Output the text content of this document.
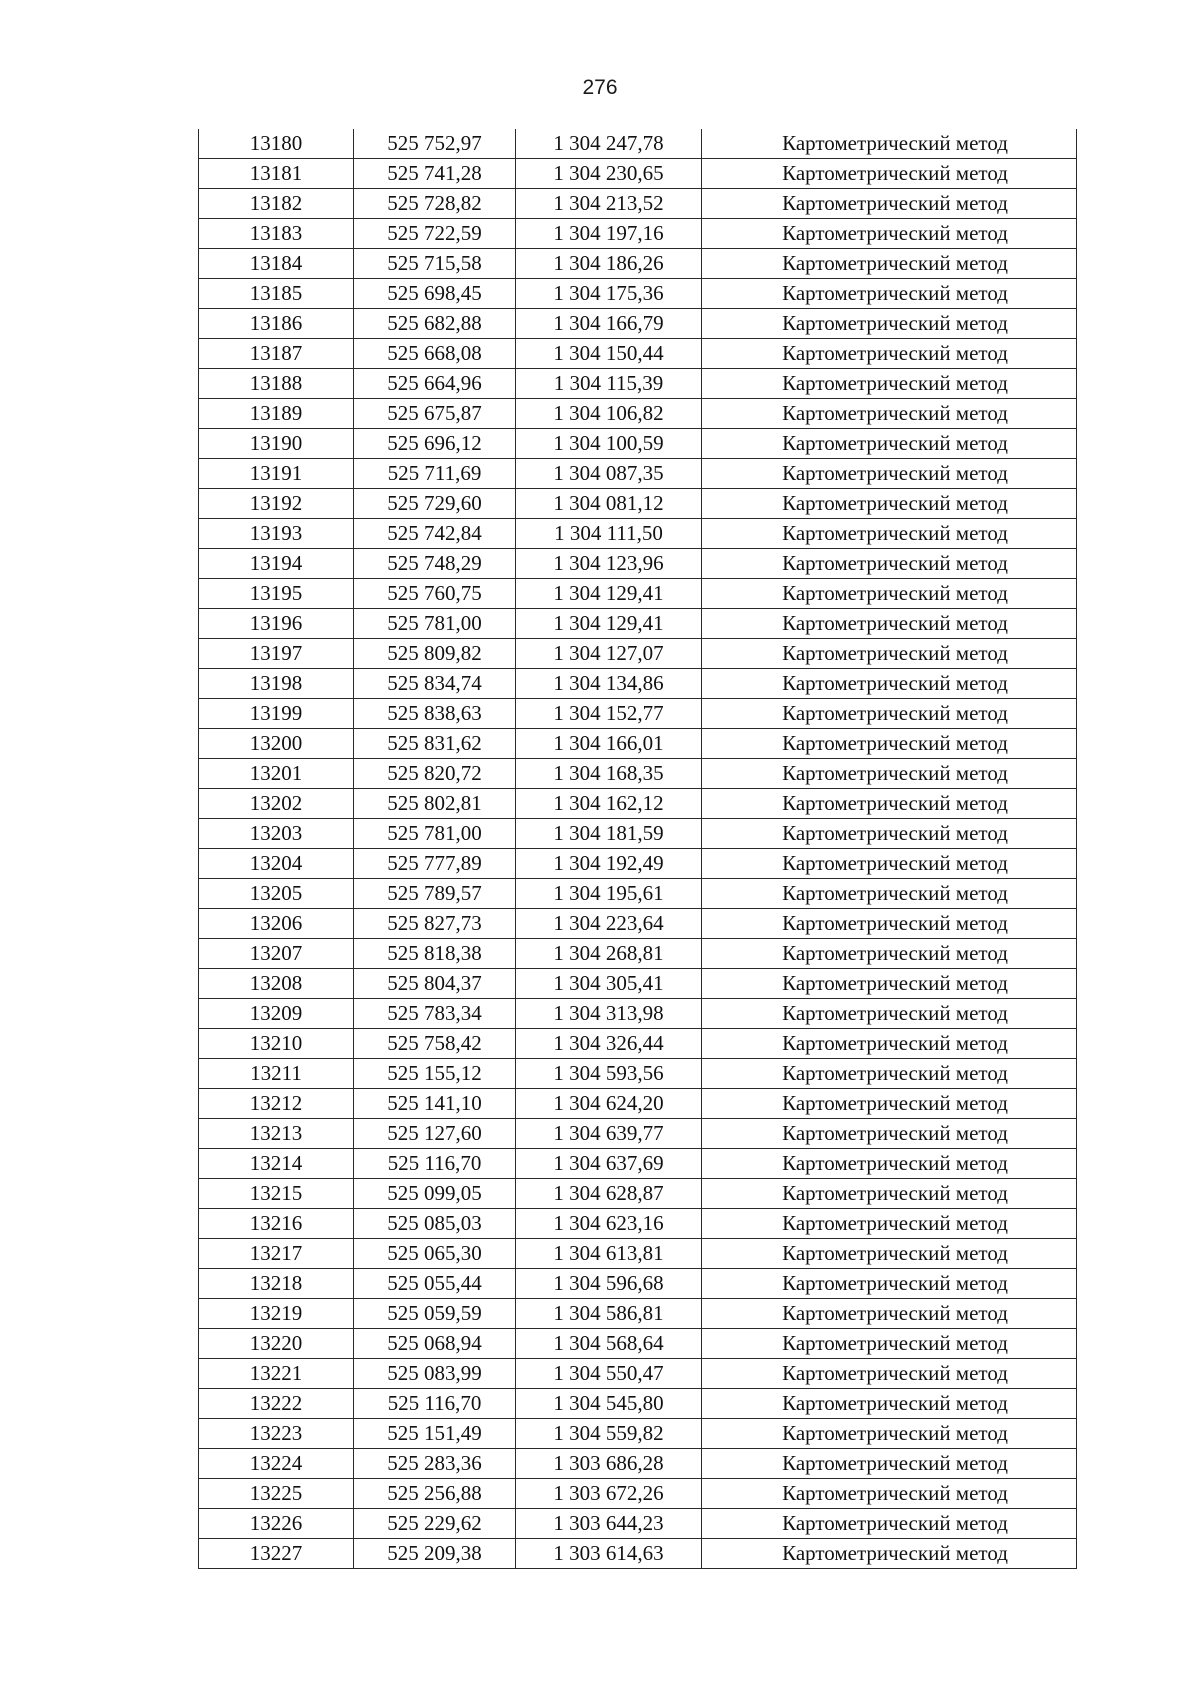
276
13180	525 752,97	1 304 247,78	Картометрический метод
13181	525 741,28	1 304 230,65	Картометрический метод
13182	525 728,82	1 304 213,52	Картометрический метод
13183	525 722,59	1 304 197,16	Картометрический метод
13184	525 715,58	1 304 186,26	Картометрический метод
13185	525 698,45	1 304 175,36	Картометрический метод
13186	525 682,88	1 304 166,79	Картометрический метод
13187	525 668,08	1 304 150,44	Картометрический метод
13188	525 664,96	1 304 115,39	Картометрический метод
13189	525 675,87	1 304 106,82	Картометрический метод
13190	525 696,12	1 304 100,59	Картометрический метод
13191	525 711,69	1 304 087,35	Картометрический метод
13192	525 729,60	1 304 081,12	Картометрический метод
13193	525 742,84	1 304 111,50	Картометрический метод
13194	525 748,29	1 304 123,96	Картометрический метод
13195	525 760,75	1 304 129,41	Картометрический метод
13196	525 781,00	1 304 129,41	Картометрический метод
13197	525 809,82	1 304 127,07	Картометрический метод
13198	525 834,74	1 304 134,86	Картометрический метод
13199	525 838,63	1 304 152,77	Картометрический метод
13200	525 831,62	1 304 166,01	Картометрический метод
13201	525 820,72	1 304 168,35	Картометрический метод
13202	525 802,81	1 304 162,12	Картометрический метод
13203	525 781,00	1 304 181,59	Картометрический метод
13204	525 777,89	1 304 192,49	Картометрический метод
13205	525 789,57	1 304 195,61	Картометрический метод
13206	525 827,73	1 304 223,64	Картометрический метод
13207	525 818,38	1 304 268,81	Картометрический метод
13208	525 804,37	1 304 305,41	Картометрический метод
13209	525 783,34	1 304 313,98	Картометрический метод
13210	525 758,42	1 304 326,44	Картометрический метод
13211	525 155,12	1 304 593,56	Картометрический метод
13212	525 141,10	1 304 624,20	Картометрический метод
13213	525 127,60	1 304 639,77	Картометрический метод
13214	525 116,70	1 304 637,69	Картометрический метод
13215	525 099,05	1 304 628,87	Картометрический метод
13216	525 085,03	1 304 623,16	Картометрический метод
13217	525 065,30	1 304 613,81	Картометрический метод
13218	525 055,44	1 304 596,68	Картометрический метод
13219	525 059,59	1 304 586,81	Картометрический метод
13220	525 068,94	1 304 568,64	Картометрический метод
13221	525 083,99	1 304 550,47	Картометрический метод
13222	525 116,70	1 304 545,80	Картометрический метод
13223	525 151,49	1 304 559,82	Картометрический метод
13224	525 283,36	1 303 686,28	Картометрический метод
13225	525 256,88	1 303 672,26	Картометрический метод
13226	525 229,62	1 303 644,23	Картометрический метод
13227	525 209,38	1 303 614,63	Картометрический метод
